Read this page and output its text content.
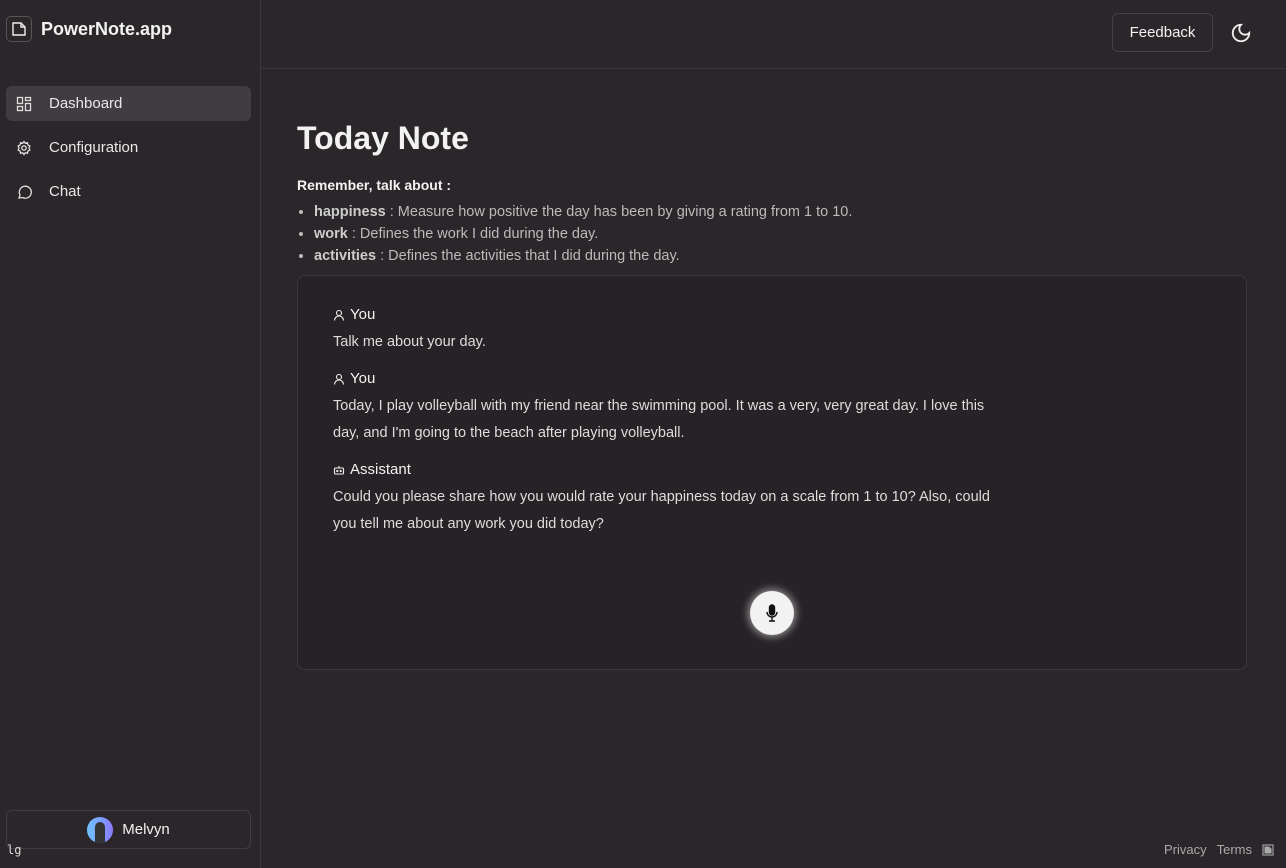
PowerNote.app
Dashboard
Configuration
Chat
Melvyn
lg
Feedback
Today Note
Remember, talk about :
• happiness : Measure how positive the day has been by giving a rating from 1 to 10.
• work : Defines the work I did during the day.
• activities : Defines the activities that I did during the day.
You
Talk me about your day.
You
Today, I play volleyball with my friend near the swimming pool. It was a very, very great day. I love this day, and I'm going to the beach after playing volleyball.
Assistant
Could you please share how you would rate your happiness today on a scale from 1 to 10? Also, could you tell me about any work you did today?
Privacy Terms
